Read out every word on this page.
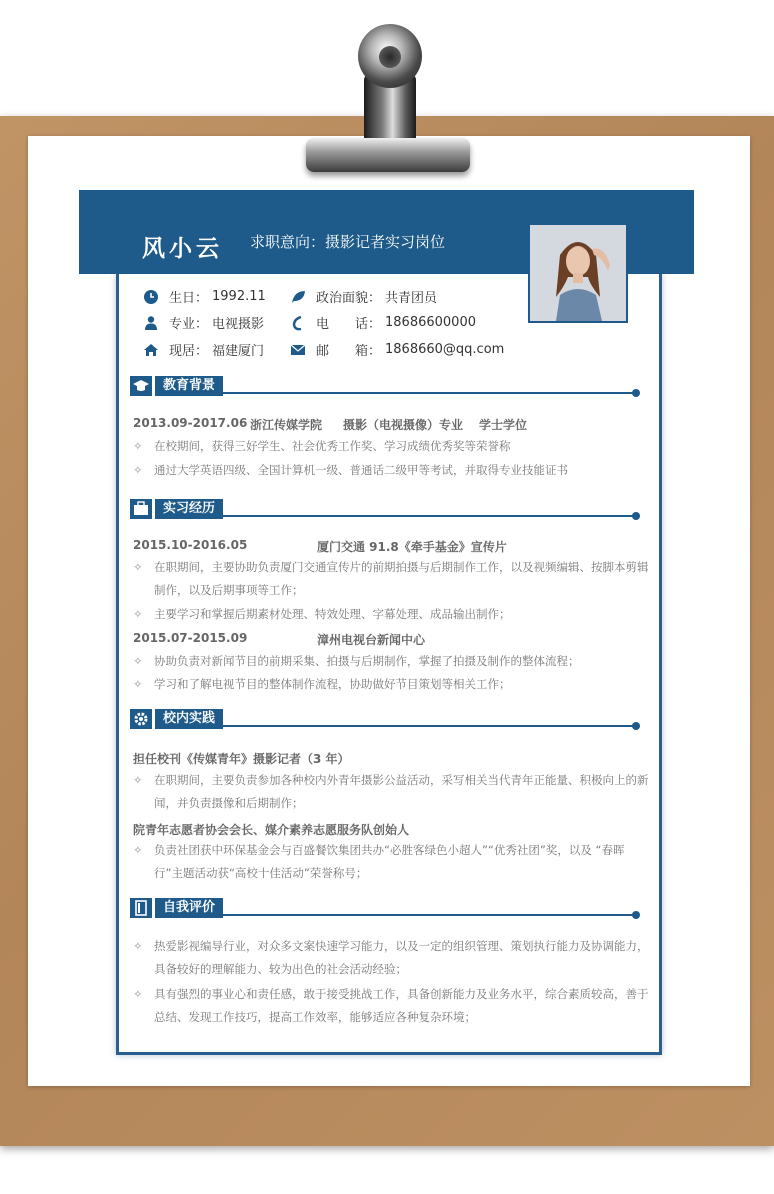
风小云 求职意向：摄影记者实习岗位
生日： 1992.11	政治面貌： 共青团员
专业： 电视摄影	电　　话： 18686600000
现居： 福建厦门	邮　　箱： 1868660@qq.com
教育背景
2013.09-2017.06 浙江传媒学院 摄影（电视摄像）专业 学士学位
✧ 在校期间，获得三好学生、社会优秀工作奖、学习成绩优秀奖等荣誉称
✧ 通过大学英语四级、全国计算机一级、普通话二级甲等考试，并取得专业技能证书
实习经历
2015.10-2016.05	厦门交通 91.8《牵手基金》宣传片
✧ 在职期间，主要协助负责厦门交通宣传片的前期拍摄与后期制作工作，以及视频编辑、按脚本剪辑制作，以及后期事项等工作；
✧ 主要学习和掌握后期素材处理、特效处理、字幕处理、成品输出制作；
2015.07-2015.09	漳州电视台新闻中心
✧ 协助负责对新闻节目的前期采集、拍摄与后期制作，掌握了拍摄及制作的整体流程；
✧ 学习和了解电视节目的整体制作流程，协助做好节目策划等相关工作；
校内实践
担任校刊《传媒青年》摄影记者（3 年）
✧ 在职期间，主要负责参加各种校内外青年摄影公益活动，采写相关当代青年正能量、积极向上的新闻，并负责摄像和后期制作；
院青年志愿者协会会长、媒介素养志愿服务队创始人
✧ 负责社团获中环保基金会与百盛餐饮集团共办“必胜客绿色小超人”“优秀社团”奖，以及 “春晖行”主题活动获“高校十佳活动”荣誉称号；
自我评价
✧ 热爱影视编导行业，对众多文案快速学习能力，以及一定的组织管理、策划执行能力及协调能力，具备较好的理解能力、较为出色的社会活动经验；
✧ 具有强烈的事业心和责任感，敢于接受挑战工作，具备创新能力及业务水平，综合素质较高，善于总结、发现工作技巧，提高工作效率，能够适应各种复杂环境；
